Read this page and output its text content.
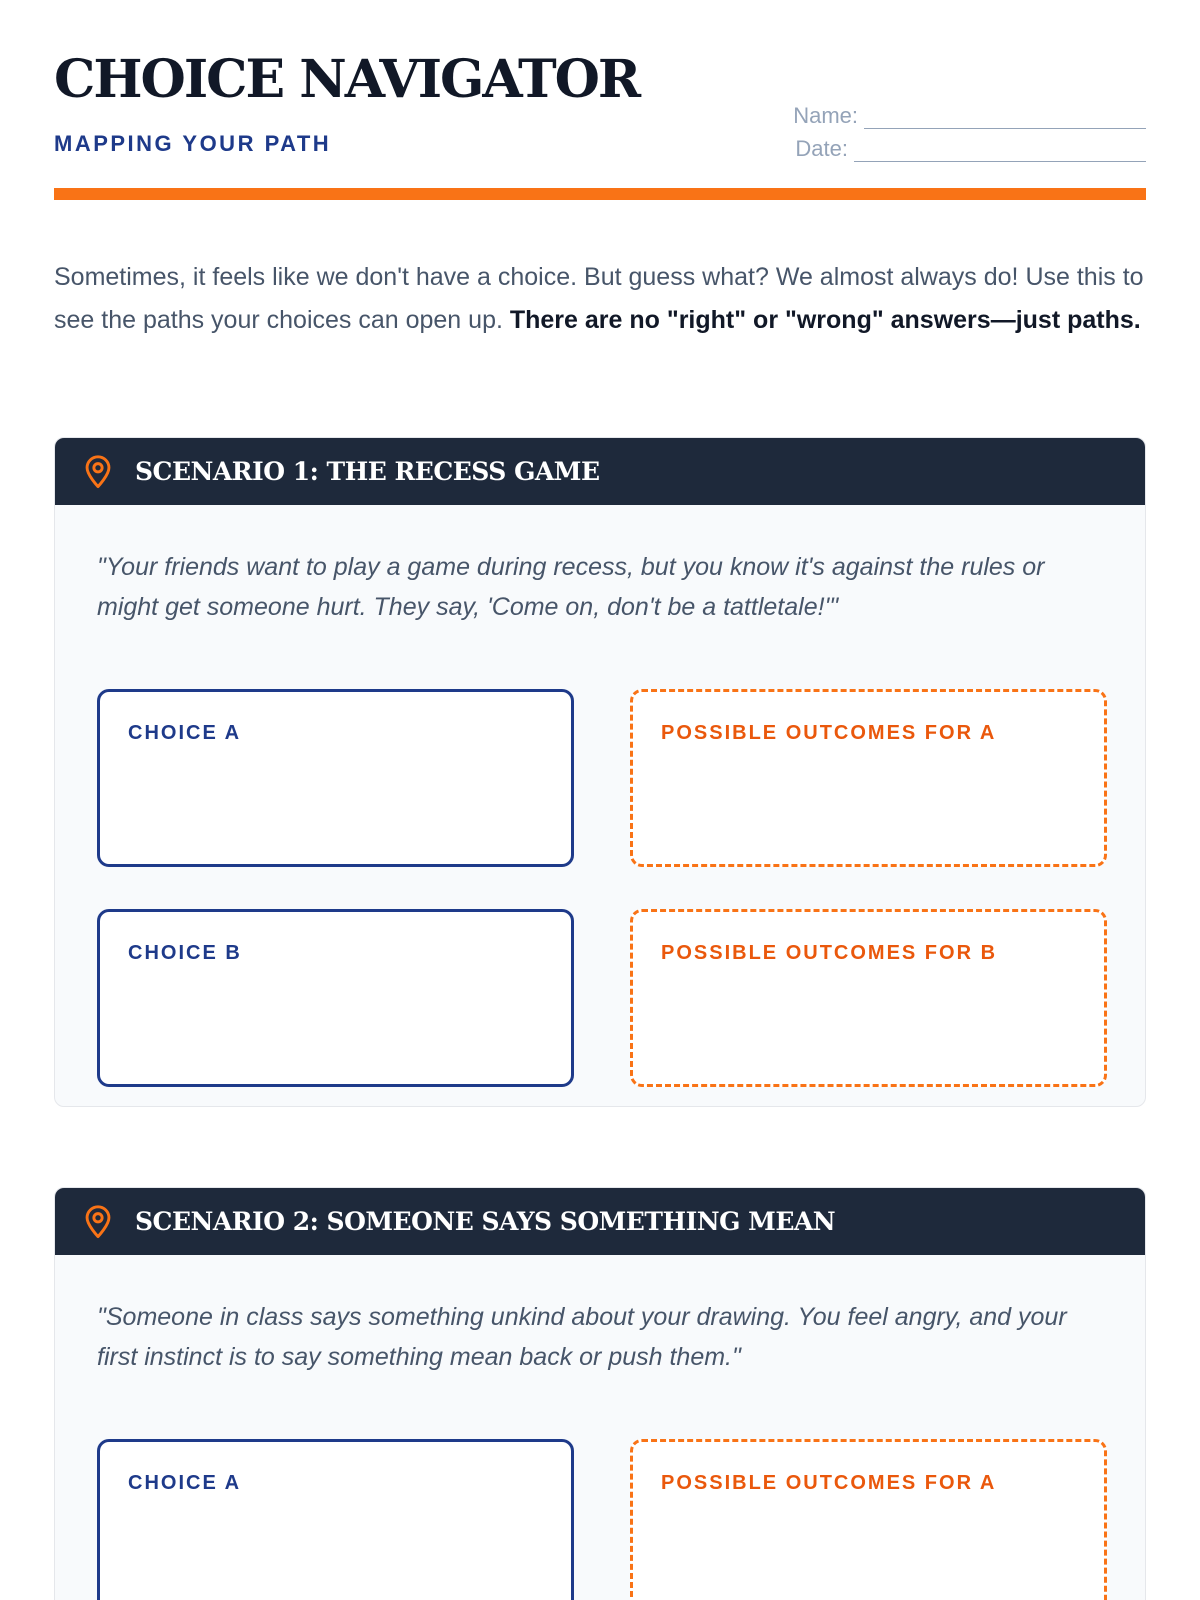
CHOICE NAVIGATOR
MAPPING YOUR PATH
Name:
Date:

Sometimes, it feels like we don't have a choice. But guess what? We almost always do! Use this to see the paths your choices can open up. There are no "right" or "wrong" answers—just paths.

SCENARIO 1: THE RECESS GAME

"Your friends want to play a game during recess, but you know it's against the rules or might get someone hurt. They say, 'Come on, don't be a tattletale!'"

CHOICE A	POSSIBLE OUTCOMES FOR A
CHOICE B	POSSIBLE OUTCOMES FOR B
SCENARIO 2: SOMEONE SAYS SOMETHING MEAN

"Someone in class says something unkind about your drawing. You feel angry, and your first instinct is to say something mean back or push them."

CHOICE A	POSSIBLE OUTCOMES FOR A
